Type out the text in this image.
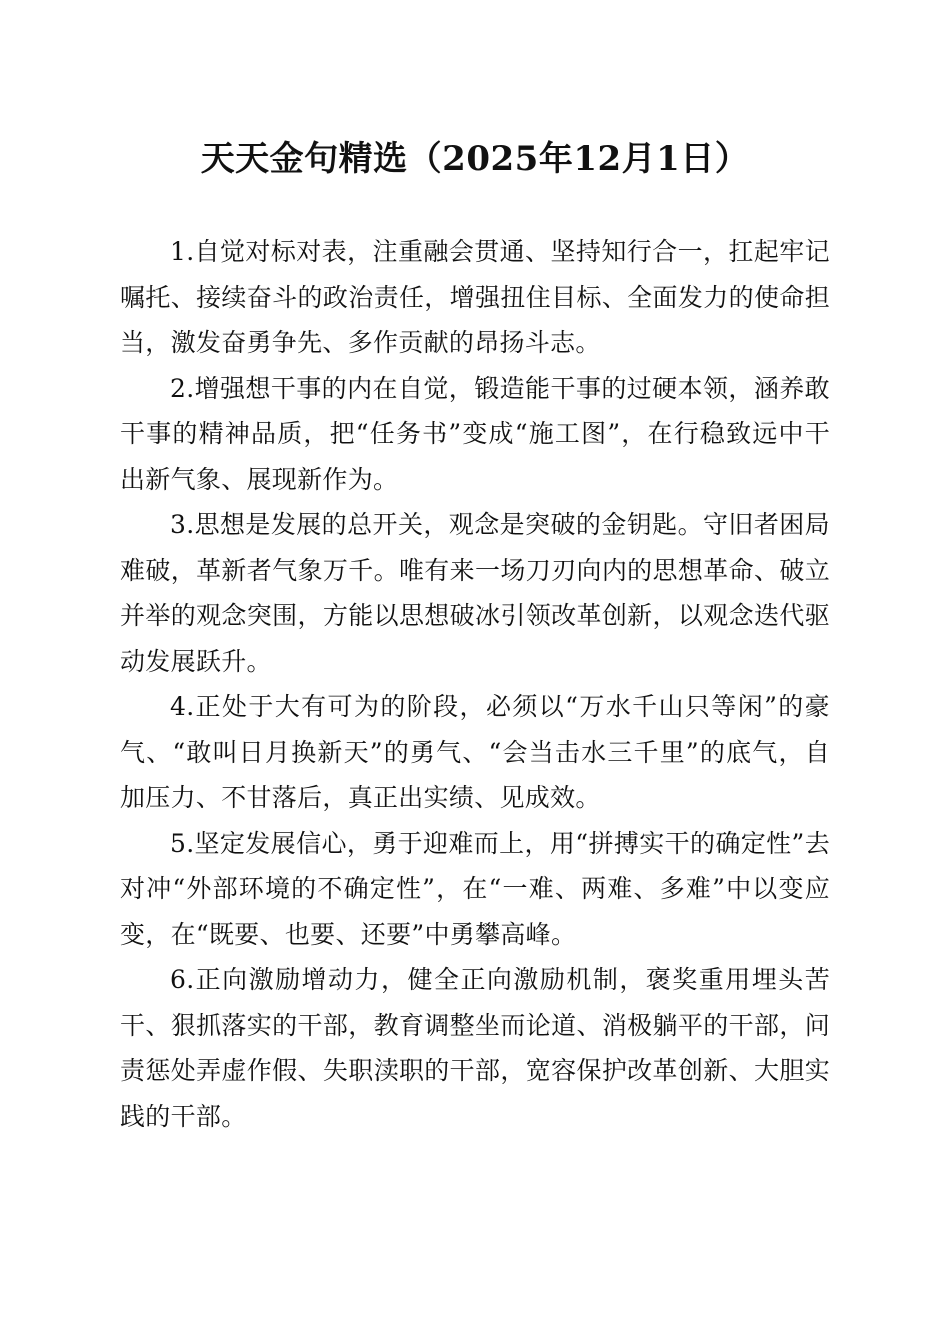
天天金句精选（2025年12月1日）

1.自觉对标对表，注重融会贯通、坚持知行合一，扛起牢记嘱托、接续奋斗的政治责任，增强扭住目标、全面发力的使命担当，激发奋勇争先、多作贡献的昂扬斗志。

2.增强想干事的内在自觉，锻造能干事的过硬本领，涵养敢干事的精神品质，把“任务书”变成“施工图”，在行稳致远中干出新气象、展现新作为。

3.思想是发展的总开关，观念是突破的金钥匙。守旧者困局难破，革新者气象万千。唯有来一场刀刃向内的思想革命、破立并举的观念突围，方能以思想破冰引领改革创新，以观念迭代驱动发展跃升。

4.正处于大有可为的阶段，必须以“万水千山只等闲”的豪气、“敢叫日月换新天”的勇气、“会当击水三千里”的底气，自加压力、不甘落后，真正出实绩、见成效。

5.坚定发展信心，勇于迎难而上，用“拼搏实干的确定性”去对冲“外部环境的不确定性”，在“一难、两难、多难”中以变应变，在“既要、也要、还要”中勇攀高峰。

6.正向激励增动力，健全正向激励机制，褒奖重用埋头苦干、狠抓落实的干部，教育调整坐而论道、消极躺平的干部，问责惩处弄虚作假、失职渎职的干部，宽容保护改革创新、大胆实践的干部。
